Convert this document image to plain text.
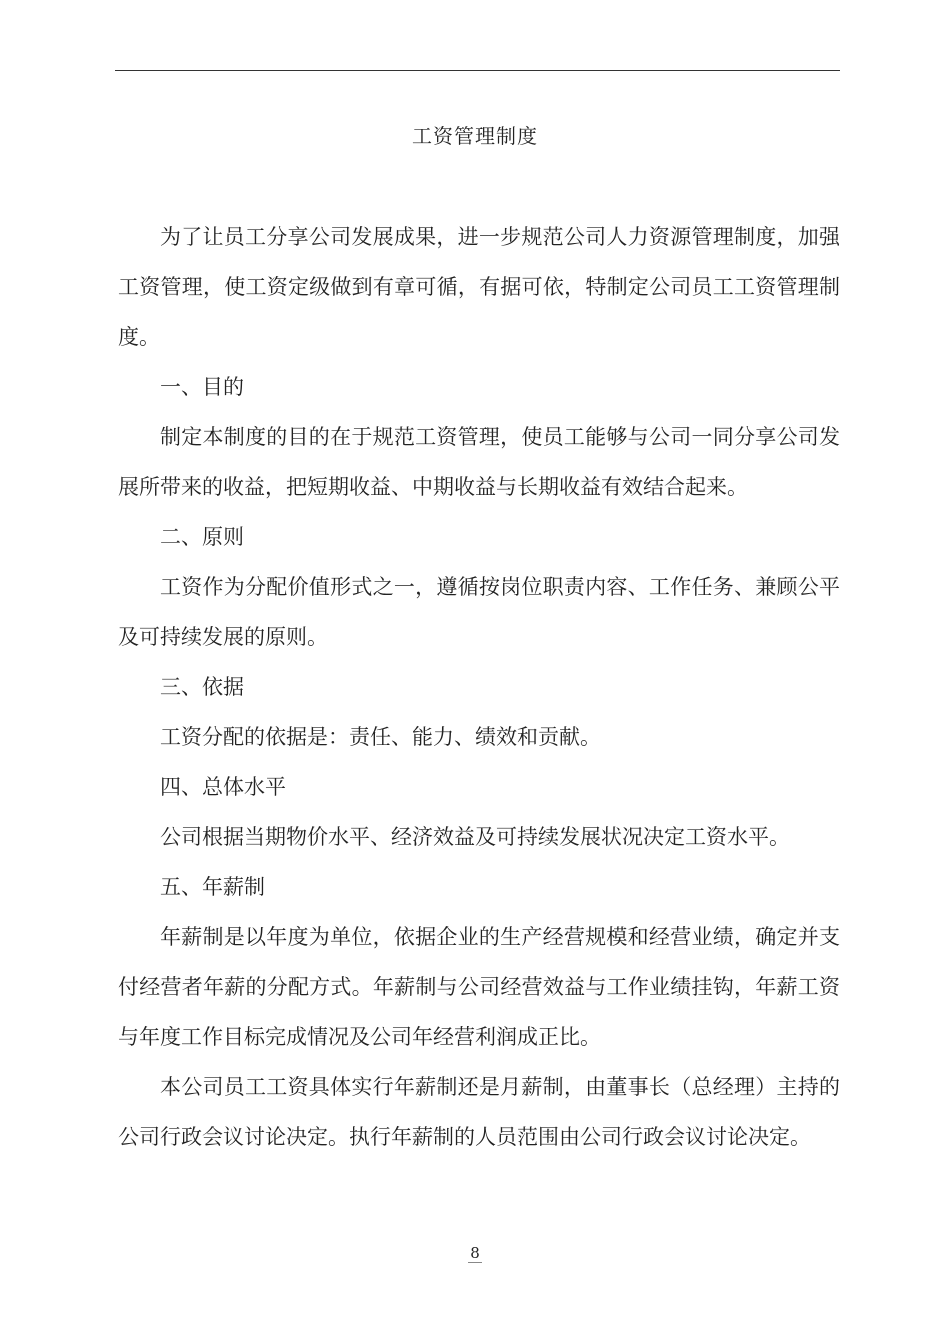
工资管理制度

为了让员工分享公司发展成果，进一步规范公司人力资源管理制度，加强工资管理，使工资定级做到有章可循，有据可依，特制定公司员工工资管理制度。

一、目的

制定本制度的目的在于规范工资管理，使员工能够与公司一同分享公司发展所带来的收益，把短期收益、中期收益与长期收益有效结合起来。

二、原则

工资作为分配价值形式之一，遵循按岗位职责内容、工作任务、兼顾公平及可持续发展的原则。

三、依据

工资分配的依据是：责任、能力、绩效和贡献。

四、总体水平

公司根据当期物价水平、经济效益及可持续发展状况决定工资水平。

五、年薪制

年薪制是以年度为单位，依据企业的生产经营规模和经营业绩，确定并支付经营者年薪的分配方式。年薪制与公司经营效益与工作业绩挂钩，年薪工资与年度工作目标完成情况及公司年经营利润成正比。

本公司员工工资具体实行年薪制还是月薪制，由董事长（总经理）主持的公司行政会议讨论决定。执行年薪制的人员范围由公司行政会议讨论决定。

8
